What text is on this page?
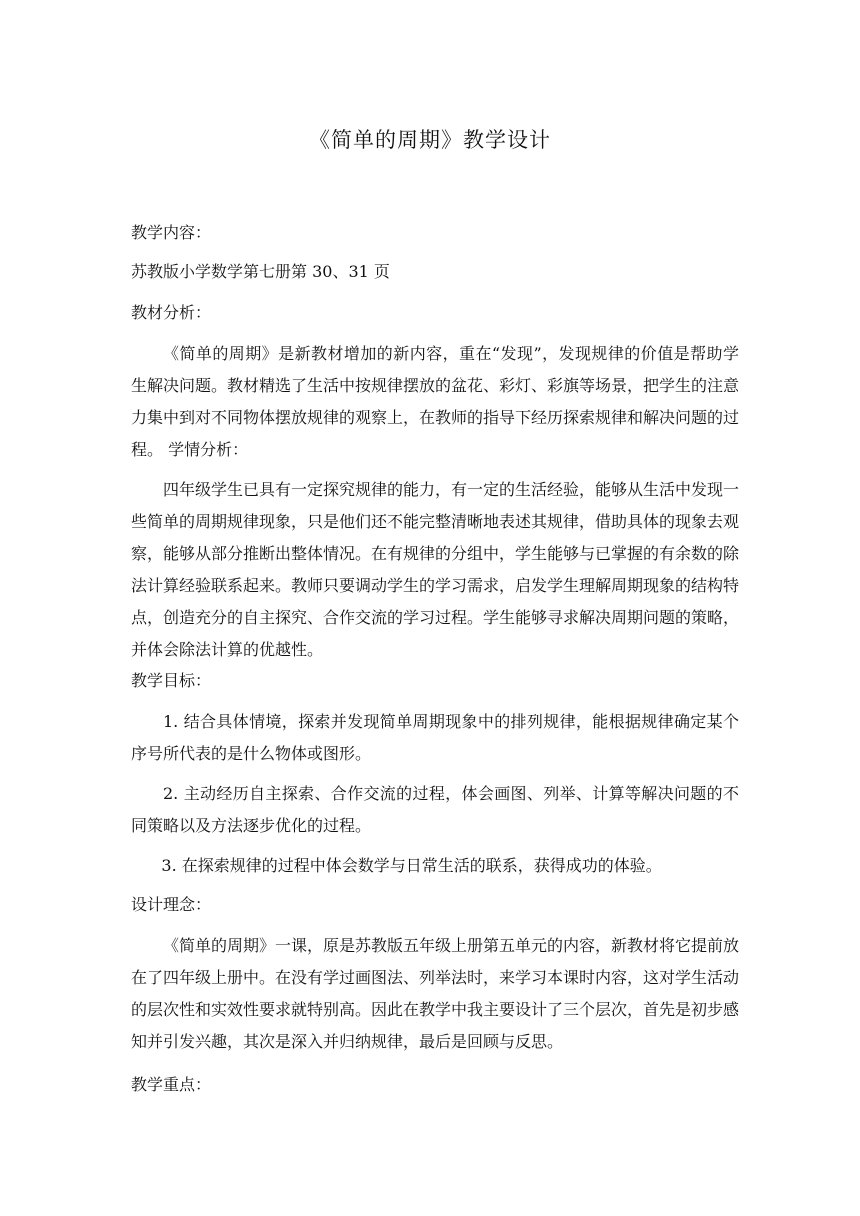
《简单的周期》教学设计
教学内容：
苏教版小学数学第七册第 30、31 页
教材分析：
《简单的周期》是新教材增加的新内容，重在“发现”，发现规律的价值是帮助学生解决问题。教材精选了生活中按规律摆放的盆花、彩灯、彩旗等场景，把学生的注意力集中到对不同物体摆放规律的观察上，在教师的指导下经历探索规律和解决问题的过程。 学情分析：
四年级学生已具有一定探究规律的能力，有一定的生活经验，能够从生活中发现一些简单的周期规律现象，只是他们还不能完整清晰地表述其规律，借助具体的现象去观察，能够从部分推断出整体情况。在有规律的分组中，学生能够与已掌握的有余数的除法计算经验联系起来。教师只要调动学生的学习需求，启发学生理解周期现象的结构特点，创造充分的自主探究、合作交流的学习过程。学生能够寻求解决周期问题的策略，并体会除法计算的优越性。
教学目标：
1. 结合具体情境，探索并发现简单周期现象中的排列规律，能根据规律确定某个序号所代表的是什么物体或图形。
2. 主动经历自主探索、合作交流的过程，体会画图、列举、计算等解决问题的不同策略以及方法逐步优化的过程。
3. 在探索规律的过程中体会数学与日常生活的联系，获得成功的体验。
设计理念：
《简单的周期》一课，原是苏教版五年级上册第五单元的内容，新教材将它提前放在了四年级上册中。在没有学过画图法、列举法时，来学习本课时内容，这对学生活动的层次性和实效性要求就特别高。因此在教学中我主要设计了三个层次，首先是初步感知并引发兴趣，其次是深入并归纳规律，最后是回顾与反思。
教学重点：
